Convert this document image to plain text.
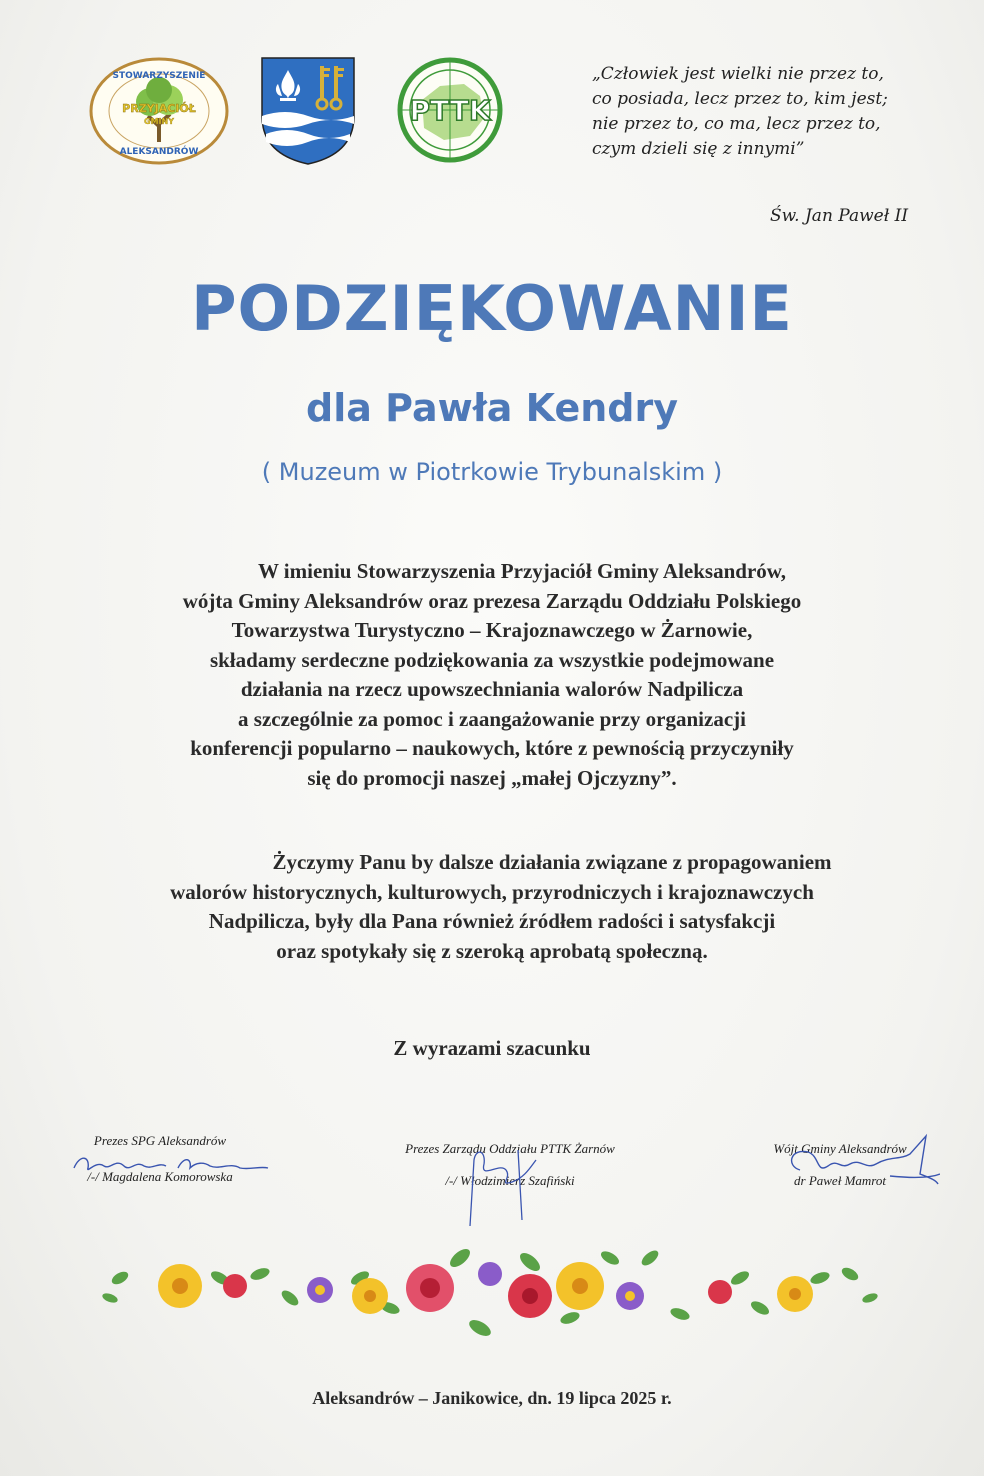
STOWARZYSZENIE
PRZYJACIÓŁ
GMINY
ALEKSANDRÓW
PTTK
„Człowiek jest wielki nie przez to,
co posiada, lecz przez to, kim jest;
nie przez to, co ma, lecz przez to,
czym dzieli się z innymi”
Św. Jan Paweł II
PODZIĘKOWANIE
dla Pawła Kendry
( Muzeum w Piotrkowie Trybunalskim )
W imieniu Stowarzyszenia Przyjaciół Gminy Aleksandrów,
wójta Gminy Aleksandrów oraz prezesa Zarządu Oddziału Polskiego
Towarzystwa Turystyczno – Krajoznawczego w Żarnowie,
składamy serdeczne podziękowania za wszystkie podejmowane
działania na rzecz upowszechniania walorów Nadpilicza
a szczególnie za pomoc i zaangażowanie przy organizacji
konferencji popularno – naukowych, które z pewnością przyczyniły
się do promocji naszej „małej Ojczyzny”.
Życzymy Panu by dalsze działania związane z propagowaniem
walorów historycznych, kulturowych, przyrodniczych i krajoznawczych
Nadpilicza, były dla Pana również źródłem radości i satysfakcji
oraz spotykały się z szeroką aprobatą społeczną.
Z wyrazami szacunku
Prezes SPG Aleksandrów
/-/ Magdalena Komorowska
Prezes Zarządu Oddziału PTTK Żarnów
/-/ Włodzimierz Szafiński
Wójt Gminy Aleksandrów
dr Paweł Mamrot
Aleksandrów – Janikowice, dn. 19 lipca 2025 r.
